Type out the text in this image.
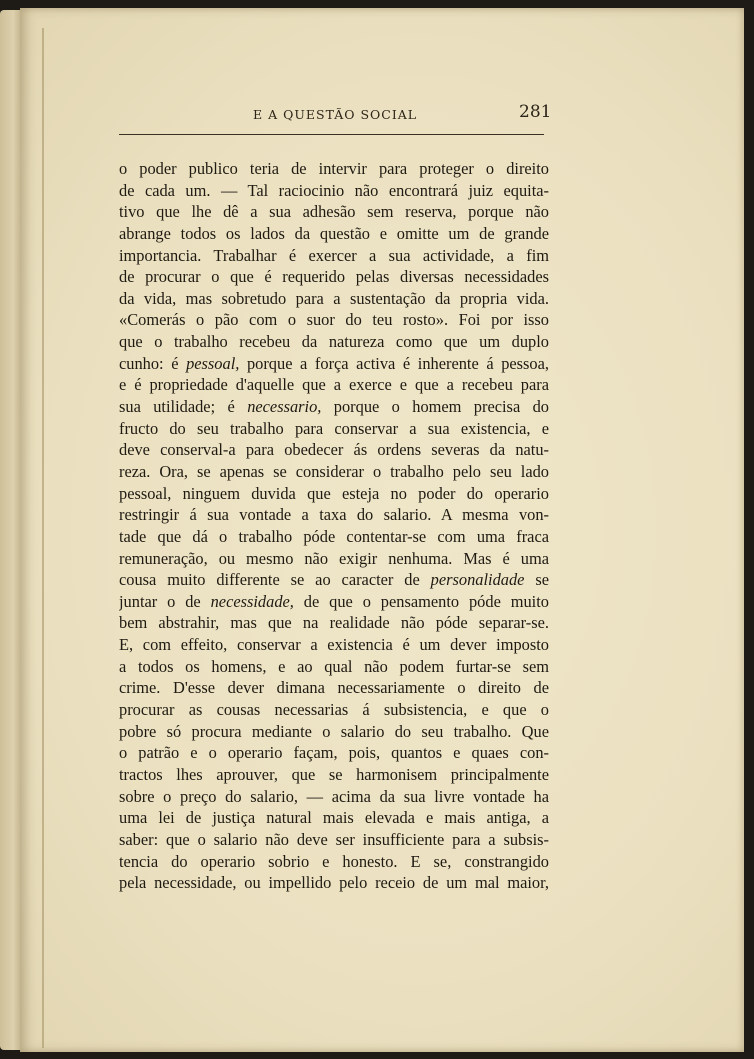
E A QUESTÃO SOCIAL	281
o poder publico teria de intervir para proteger o direito
de cada um. — Tal raciocinio não encontrará juiz equita-
tivo que lhe dê a sua adhesão sem reserva, porque não
abrange todos os lados da questão e omitte um de grande
importancia. Trabalhar é exercer a sua actividade, a fim
de procurar o que é requerido pelas diversas necessidades
da vida, mas sobretudo para a sustentação da propria vida.
«Comerás o pão com o suor do teu rosto». Foi por isso
que o trabalho recebeu da natureza como que um duplo
cunho: é pessoal, porque a força activa é inherente á pessoa,
e é propriedade d'aquelle que a exerce e que a recebeu para
sua utilidade; é necessario, porque o homem precisa do
fructo do seu trabalho para conservar a sua existencia, e
deve conserval-a para obedecer ás ordens severas da natu-
reza. Ora, se apenas se considerar o trabalho pelo seu lado
pessoal, ninguem duvida que esteja no poder do operario
restringir á sua vontade a taxa do salario. A mesma von-
tade que dá o trabalho póde contentar-se com uma fraca
remuneração, ou mesmo não exigir nenhuma. Mas é uma
cousa muito differente se ao caracter de personalidade se
juntar o de necessidade, de que o pensamento póde muito
bem abstrahir, mas que na realidade não póde separar-se.
E, com effeito, conservar a existencia é um dever imposto
a todos os homens, e ao qual não podem furtar-se sem
crime. D'esse dever dimana necessariamente o direito de
procurar as cousas necessarias á subsistencia, e que o
pobre só procura mediante o salario do seu trabalho. Que
o patrão e o operario façam, pois, quantos e quaes con-
tractos lhes aprouver, que se harmonisem principalmente
sobre o preço do salario, — acima da sua livre vontade ha
uma lei de justiça natural mais elevada e mais antiga, a
saber: que o salario não deve ser insufficiente para a subsis-
tencia do operario sobrio e honesto. E se, constrangido
pela necessidade, ou impellido pelo receio de um mal maior,
